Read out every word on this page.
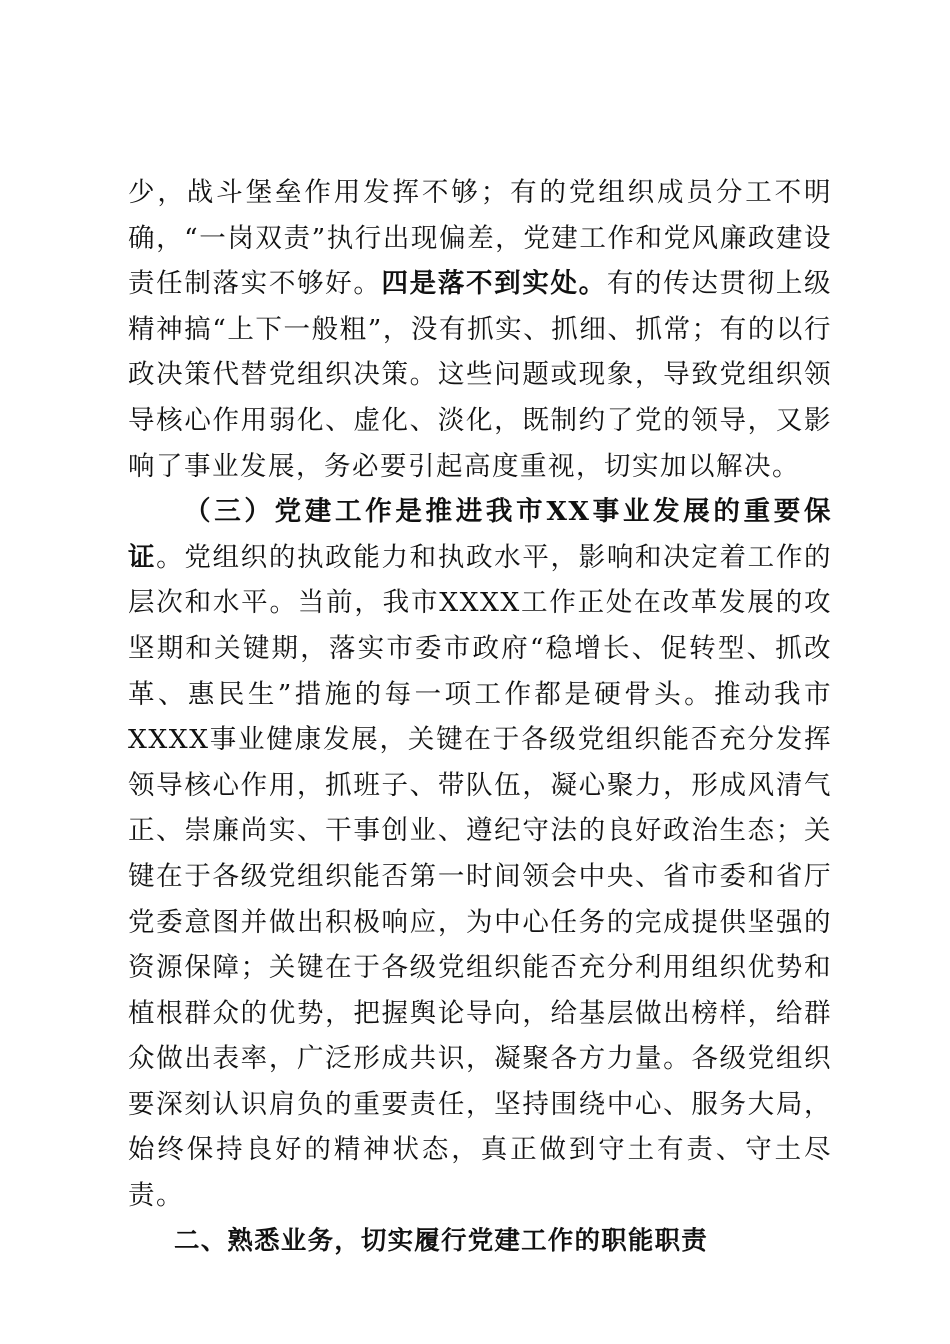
少，战斗堡垒作用发挥不够；有的党组织成员分工不明确，“一岗双责”执行出现偏差，党建工作和党风廉政建设责任制落实不够好。四是落不到实处。有的传达贯彻上级精神搞“上下一般粗”，没有抓实、抓细、抓常；有的以行政决策代替党组织决策。这些问题或现象，导致党组织领导核心作用弱化、虚化、淡化，既制约了党的领导，又影响了事业发展，务必要引起高度重视，切实加以解决。

（三）党建工作是推进我市XX事业发展的重要保证。党组织的执政能力和执政水平，影响和决定着工作的层次和水平。当前，我市XXXX工作正处在改革发展的攻坚期和关键期，落实市委市政府“稳增长、促转型、抓改革、惠民生”措施的每一项工作都是硬骨头。推动我市XXXX事业健康发展，关键在于各级党组织能否充分发挥领导核心作用，抓班子、带队伍，凝心聚力，形成风清气正、崇廉尚实、干事创业、遵纪守法的良好政治生态；关键在于各级党组织能否第一时间领会中央、省市委和省厅党委意图并做出积极响应，为中心任务的完成提供坚强的资源保障；关键在于各级党组织能否充分利用组织优势和植根群众的优势，把握舆论导向，给基层做出榜样，给群众做出表率，广泛形成共识，凝聚各方力量。各级党组织要深刻认识肩负的重要责任，坚持围绕中心、服务大局，始终保持良好的精神状态，真正做到守土有责、守土尽责。

二、熟悉业务，切实履行党建工作的职能职责
